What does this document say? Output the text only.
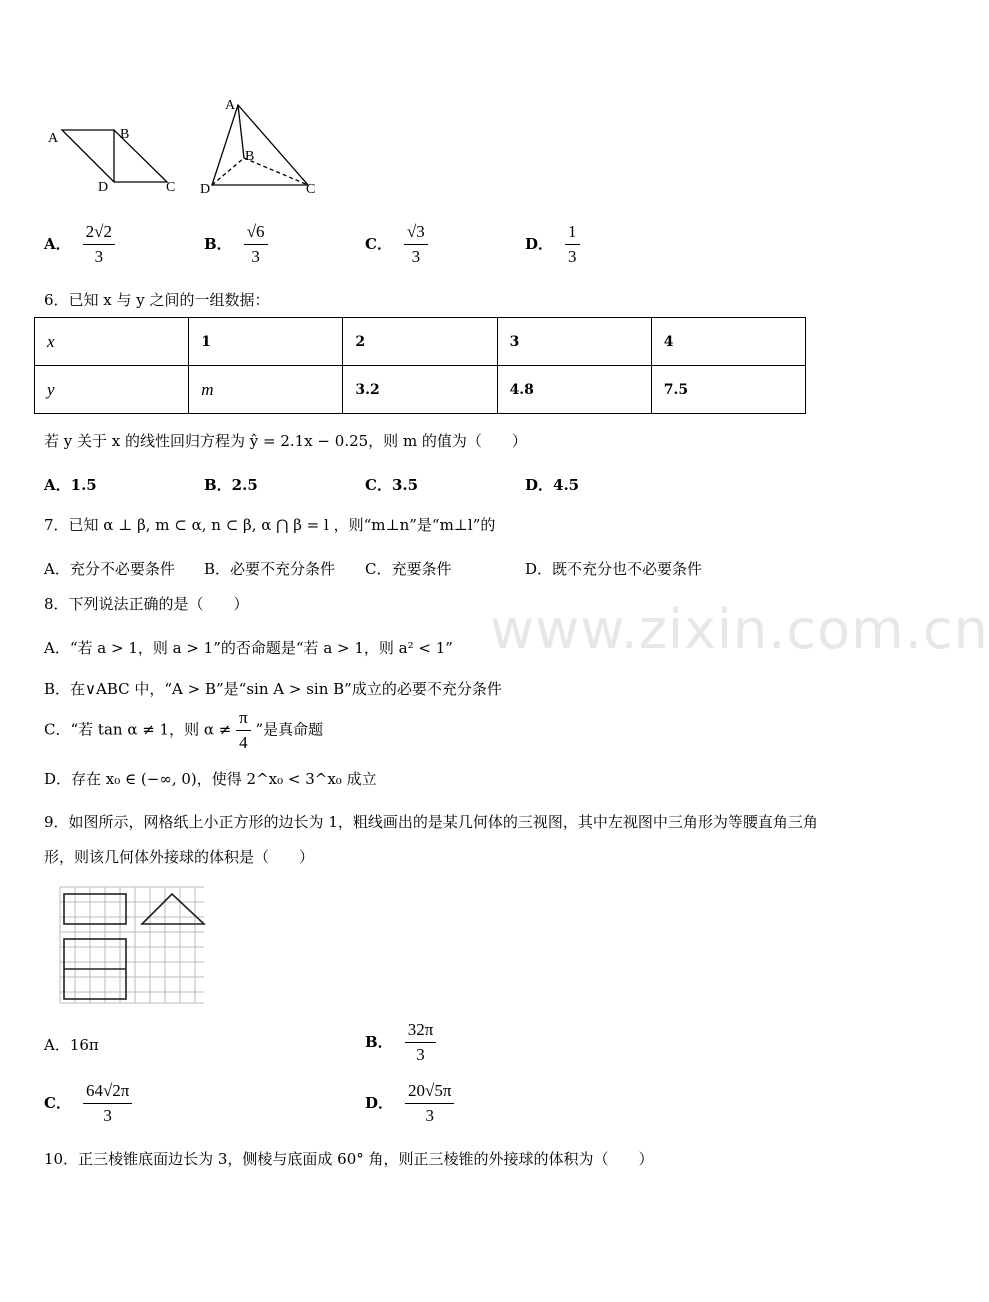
A	B
D	C
A
B
D	C
A． $\frac{2√2}{3}$	B． $\frac{√6}{3}$	C． $\frac{√3}{3}$	D． $\frac{1}{3}$
6．已知 x 与 y 之间的一组数据：
x	1	2	3	4
y	m	3.2	4.8	7.5
若 y 关于 x 的线性回归方程为 ŷ = 2.1x − 0.25，则 m 的值为（　　）
A．1.5	B．2.5	C．3.5	D．4.5
7．已知 α ⊥ β, m ⊂ α, n ⊂ β, α ⋂ β = l ，则“m⊥n”是“m⊥l”的
A．充分不必要条件 B．必要不充分条件 C．充要条件	D．既不充分也不必要条件
www.zixin.com.cn
8．下列说法正确的是（　　）
A．“若 a > 1，则 a > 1”的否命题是“若 a > 1，则 a² < 1”
B．在∨ABC 中，“A > B”是“sin A > sin B”成立的必要不充分条件
C．“若 tan α ≠ 1，则 $\alpha \ne \frac{\pi}{4}$ ”是真命题
D．存在 x₀ ∈ (−∞, 0)，使得 2^x₀ < 3^x₀ 成立
9．如图所示，网格纸上小正方形的边长为 1，粗线画出的是某几何体的三视图，其中左视图中三角形为等腰直角三角
形，则该几何体外接球的体积是（　　）
A．16π	B． $\frac{32\pi}{3}$
C． $\frac{64√2\pi}{3}$	D． $\frac{20√5\pi}{3}$
10．正三棱锥底面边长为 3，侧棱与底面成 60° 角，则正三棱锥的外接球的体积为（　　）
